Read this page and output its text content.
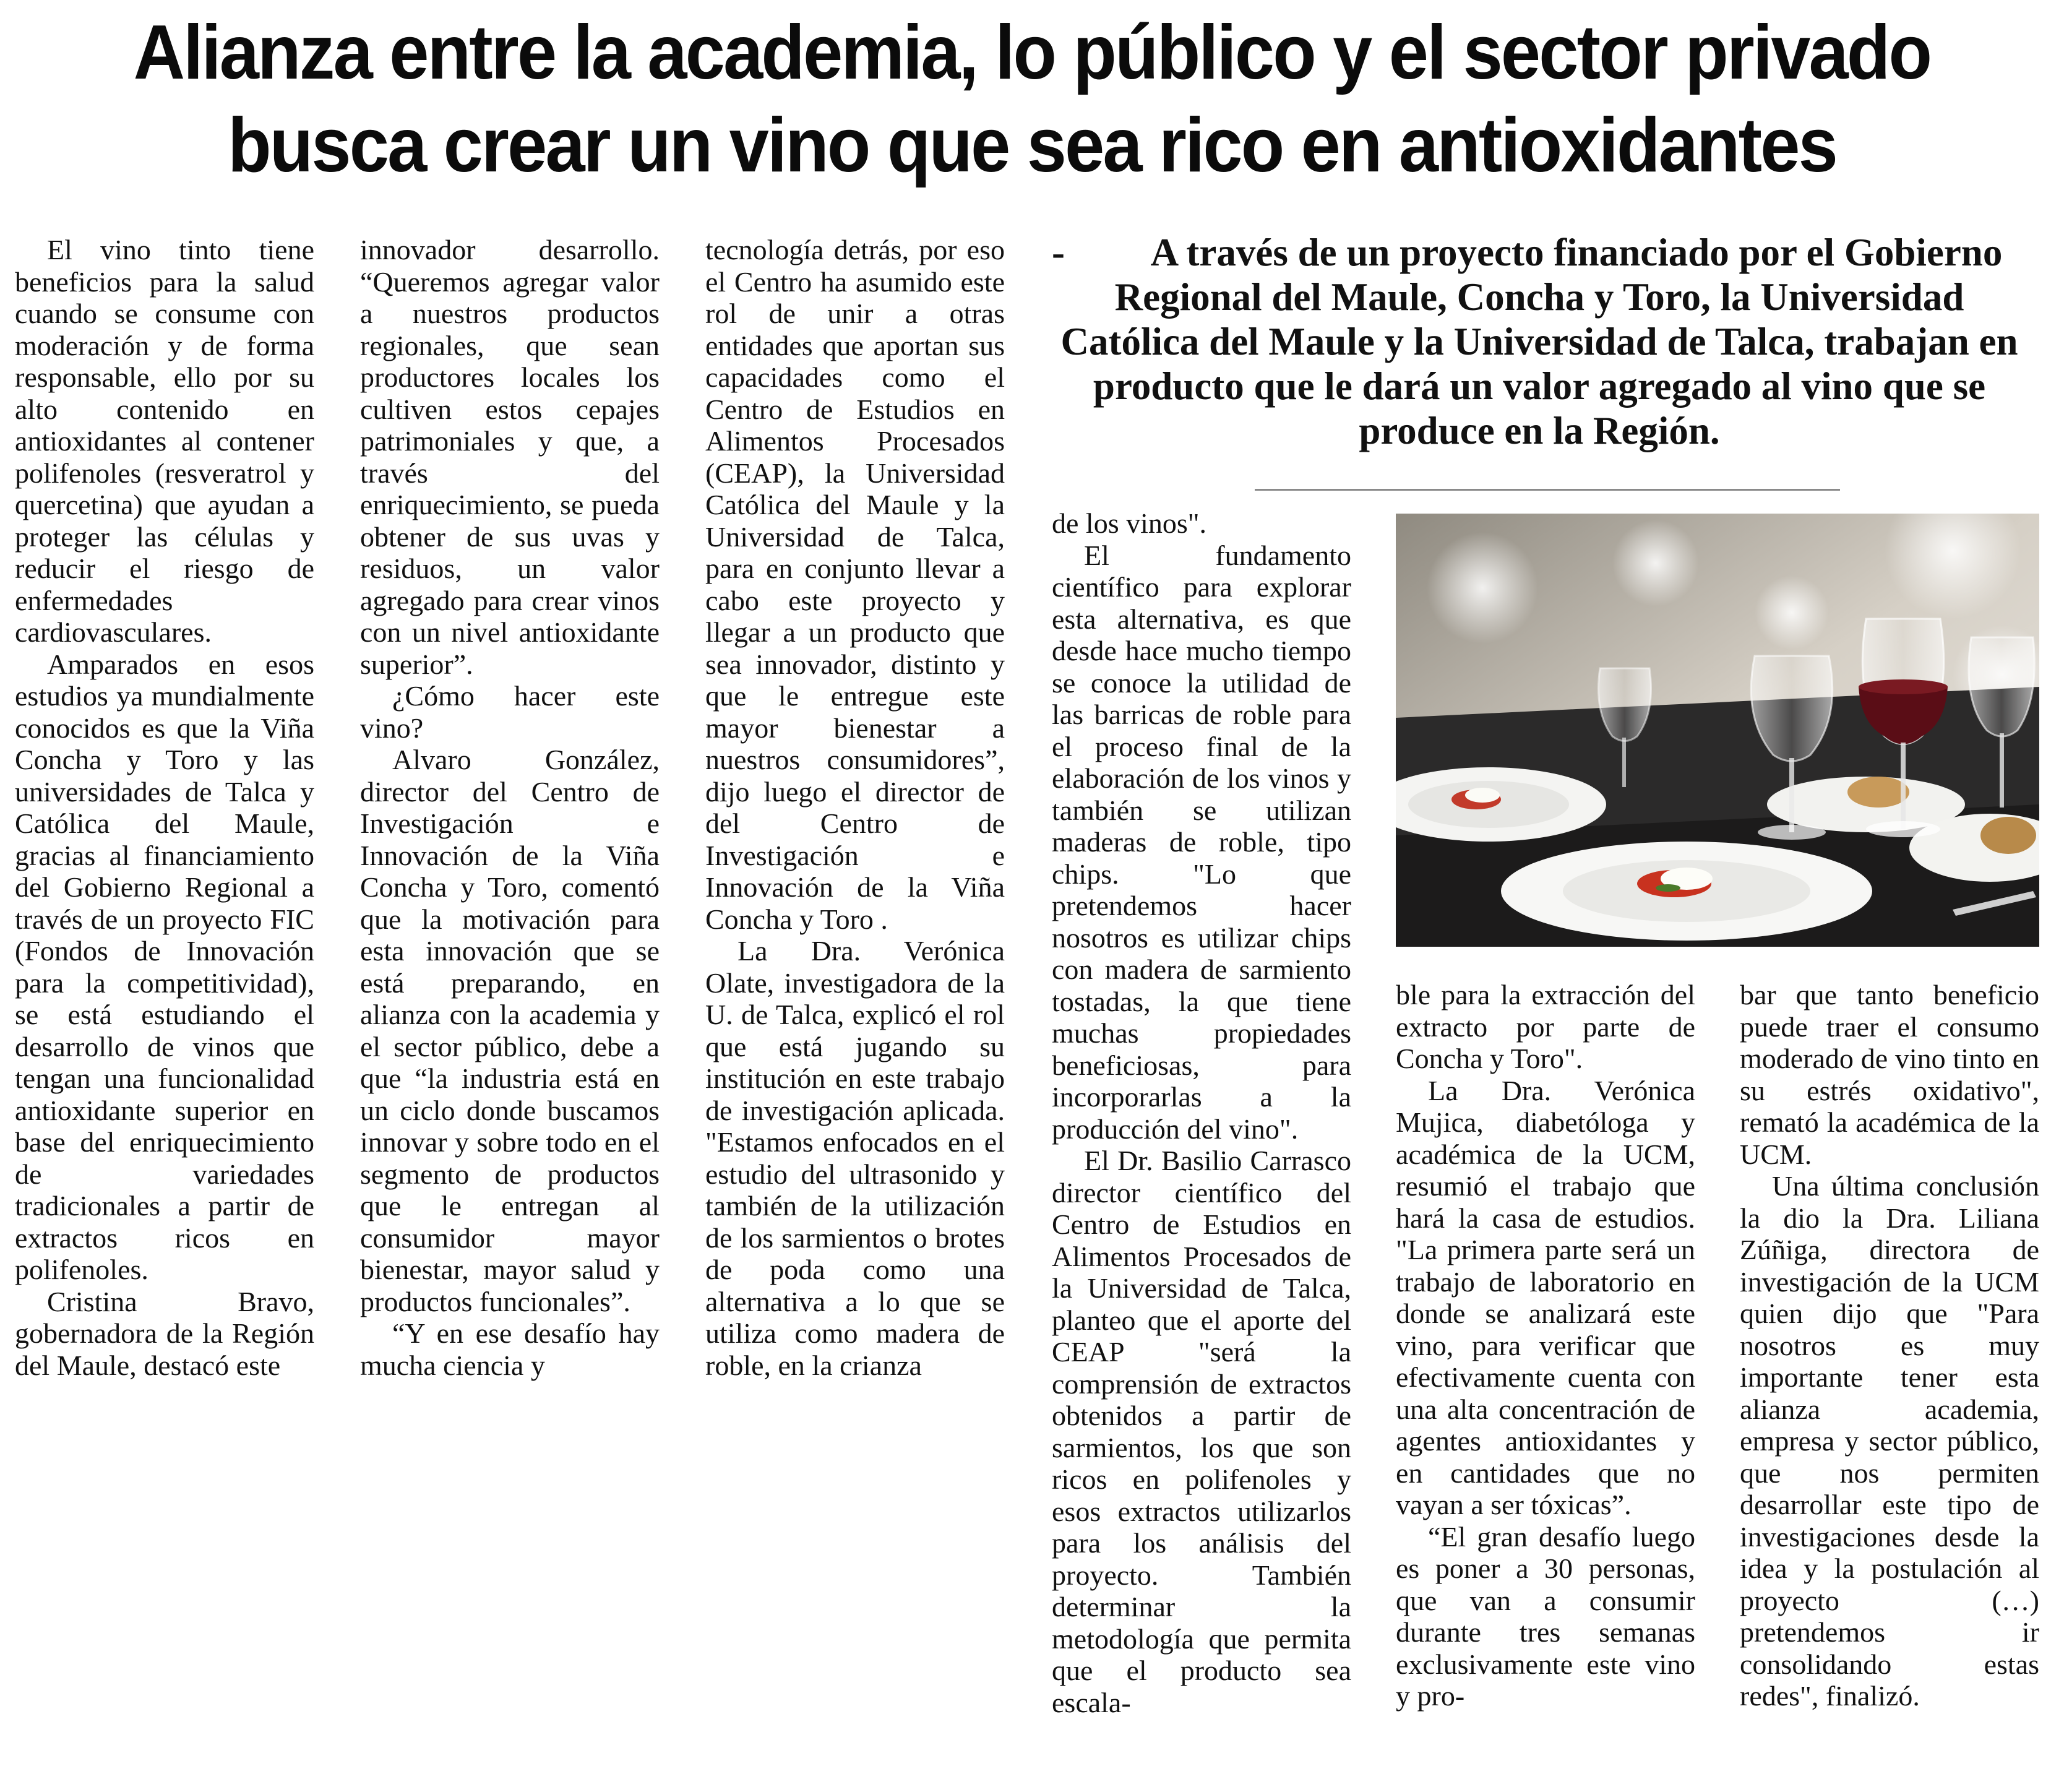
Alianza entre la academia, lo público y el sector privado
busca crear un vino que sea rico en antioxidantes

El vino tinto tiene beneficios para la salud cuando se consume con moderación y de forma responsable, ello por su alto contenido en antioxidantes al contener polifenoles (resveratrol y quercetina) que ayudan a proteger las células y reducir el riesgo de enfermedades cardiovasculares.

Amparados en esos estudios ya mundialmente conocidos es que la Viña Concha y Toro y las universidades de Talca y Católica del Maule, gracias al financiamiento del Gobierno Regional a través de un proyecto FIC (Fondos de Innovación para la competitividad), se está estudiando el desarrollo de vinos que tengan una funcionalidad antioxidante superior en base del enriquecimiento de variedades tradicionales a partir de extractos ricos en polifenoles.

Cristina Bravo, gobernadora de la Región del Maule, destacó este

innovador desarrollo. “Queremos agregar valor a nuestros productos regionales, que sean productores locales los cultiven estos cepajes patrimoniales y que, a través del enriquecimiento, se pueda obtener de sus uvas y residuos, un valor agregado para crear vinos con un nivel antioxidante superior”.

¿Cómo hacer este vino?

Alvaro González, director del Centro de Investigación e Innovación de la Viña Concha y Toro, comentó que la motivación para esta innovación que se está preparando, en alianza con la academia y el sector público, debe a que “la industria está en un ciclo donde buscamos innovar y sobre todo en el segmento de productos que le entregan al consumidor mayor bienestar, mayor salud y productos funcionales”.

“Y en ese desafío hay mucha ciencia y

tecnología detrás, por eso el Centro ha asumido este rol de unir a otras entidades que aportan sus capacidades como el Centro de Estudios en Alimentos Procesados (CEAP), la Universidad Católica del Maule y la Universidad de Talca, para en conjunto llevar a cabo este proyecto y llegar a un producto que sea innovador, distinto y que le entregue este mayor bienestar a nuestros consumidores”, dijo luego el director de del Centro de Investigación e Innovación de la Viña Concha y Toro .

La Dra. Verónica Olate, investigadora de la U. de Talca, explicó el rol que está jugando su institución en este trabajo de investigación aplicada. "Estamos enfocados en el estudio del ultrasonido y también de la utilización de los sarmientos o brotes de poda como una alternativa a lo que se utiliza como madera de roble, en la crianza

-	A través de un proyecto financiado por el Gobierno Regional del Maule, Concha y Toro, la Universidad Católica del Maule y la Universidad de Talca, trabajan en producto que le dará un valor agregado al vino que se produce en la Región.

de los vinos".

El fundamento científico para explorar esta alternativa, es que desde hace mucho tiempo se conoce la utilidad de las barricas de roble para el proceso final de la elaboración de los vinos y también se utilizan maderas de roble, tipo chips. "Lo que pretendemos hacer nosotros es utilizar chips con madera de sarmiento tostadas, la que tiene muchas propiedades beneficiosas, para incorporarlas a la producción del vino".

El Dr. Basilio Carrasco director científico del Centro de Estudios en Alimentos Procesados de la Universidad de Talca, planteo que el aporte del CEAP "será la comprensión de extractos obtenidos a partir de sarmientos, los que son ricos en polifenoles y esos extractos utilizarlos para los análisis del proyecto. También determinar la metodología que permita que el producto sea escala-

ble para la extracción del extracto por parte de Concha y Toro".

La Dra. Verónica Mujica, diabetóloga y académica de la UCM, resumió el trabajo que hará la casa de estudios. "La primera parte será un trabajo de laboratorio en donde se analizará este vino, para verificar que efectivamente cuenta con una alta concentración de agentes antioxidantes y en cantidades que no vayan a ser tóxicas”.

“El gran desafío luego es poner a 30 personas, que van a consumir durante tres semanas exclusivamente este vino y pro-

bar que tanto beneficio puede traer el consumo moderado de vino tinto en su estrés oxidativo", remató la académica de la UCM.

Una última conclusión la dio la Dra. Liliana Zúñiga, directora de investigación de la UCM quien dijo que "Para nosotros es muy importante tener esta alianza academia, empresa y sector público, que nos permiten desarrollar este tipo de investigaciones desde la idea y la postulación al proyecto (…) pretendemos ir consolidando estas redes", finalizó.
